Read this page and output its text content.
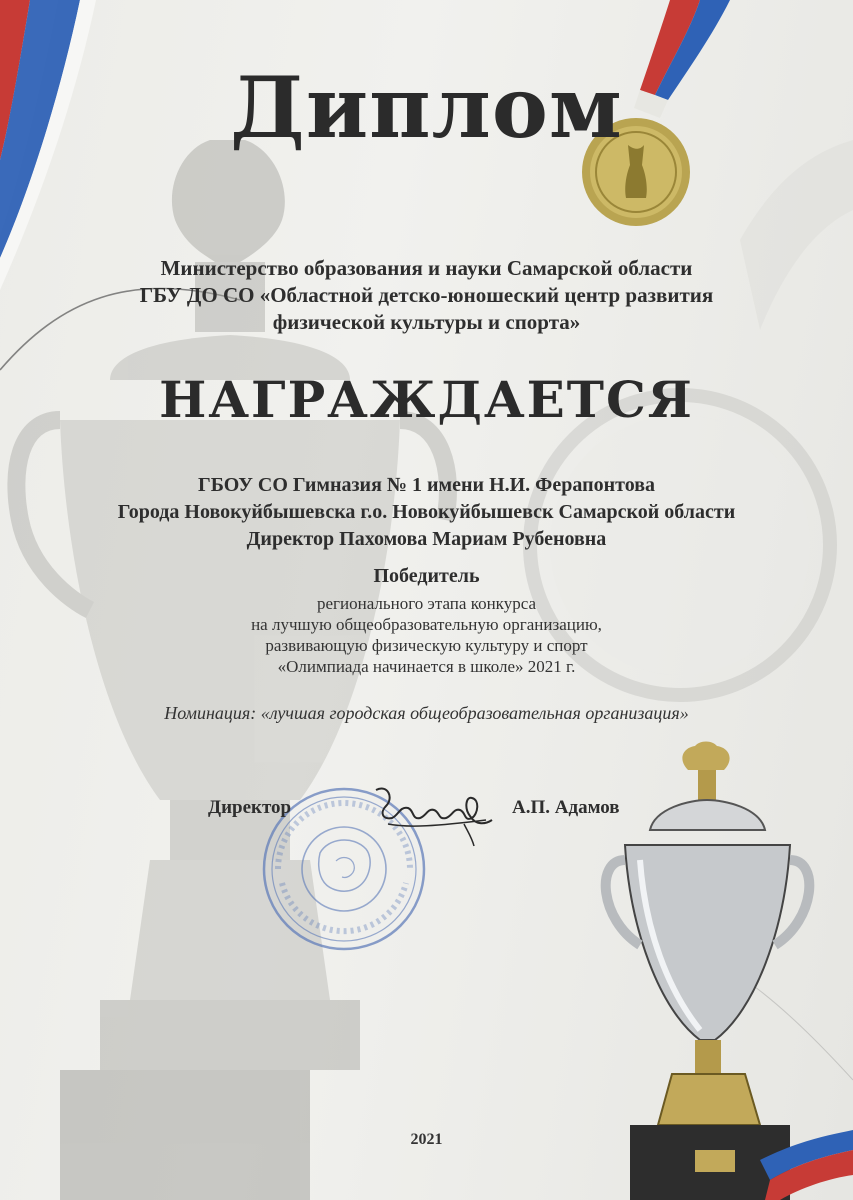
Диплом
Министерство образования и науки Самарской области
ГБУ ДО СО «Областной детско-юношеский центр развития
физической культуры и спорта»
НАГРАЖДАЕТСЯ
ГБОУ СО Гимназия № 1 имени Н.И. Ферапонтова
Города Новокуйбышевска г.о. Новокуйбышевск Самарской области
Директор Пахомова Мариам Рубеновна
Победитель
регионального этапа конкурса
на лучшую общеобразовательную организацию,
развивающую физическую культуру и спорт
«Олимпиада начинается в школе» 2021 г.
Номинация: «лучшая городская общеобразовательная организация»
Директор	А.П. Адамов
2021
